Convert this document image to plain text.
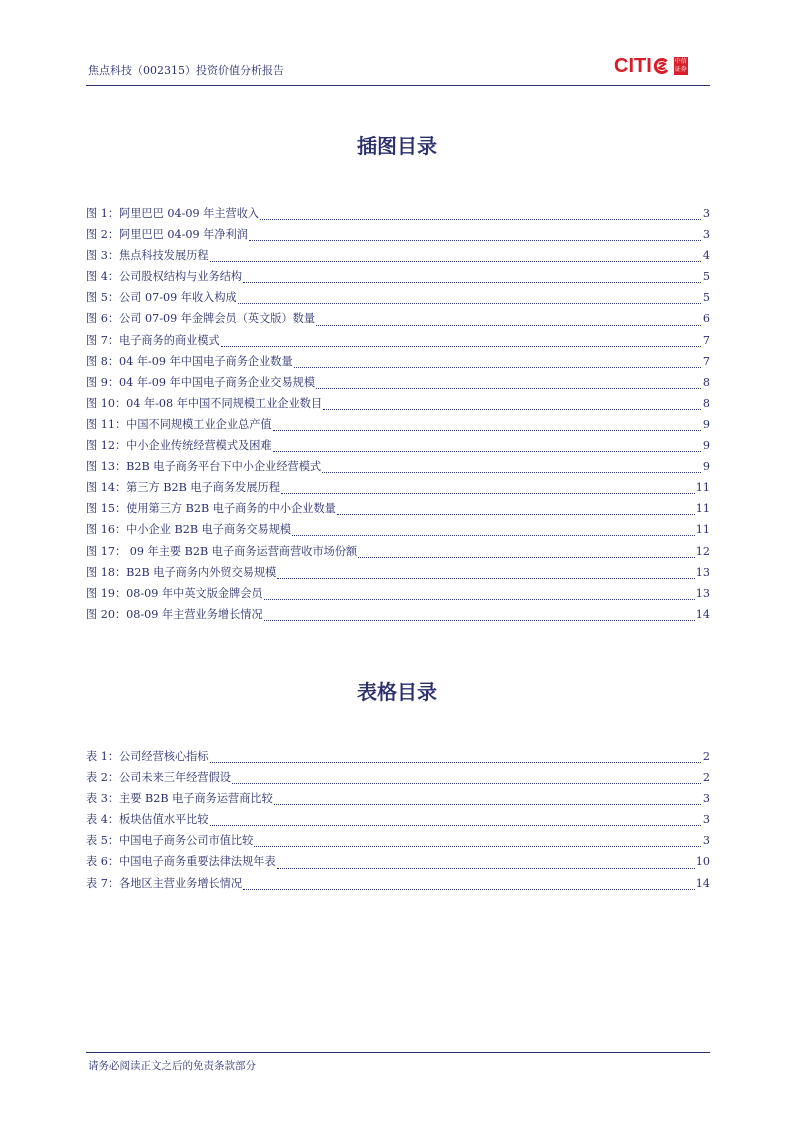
焦点科技（002315）投资价值分析报告	CITI	中信
证券
插图目录
图 1：阿里巴巴 04-09 年主营收入	3
图 2：阿里巴巴 04-09 年净利润	3
图 3：焦点科技发展历程	4
图 4：公司股权结构与业务结构	5
图 5：公司 07-09 年收入构成	5
图 6：公司 07-09 年金牌会员（英文版）数量	6
图 7：电子商务的商业模式	7
图 8：04 年-09 年中国电子商务企业数量	7
图 9：04 年-09 年中国电子商务企业交易规模	8
图 10：04 年-08 年中国不同规模工业企业数目	8
图 11：中国不同规模工业企业总产值	9
图 12：中小企业传统经营模式及困难	9
图 13：B2B 电子商务平台下中小企业经营模式	9
图 14：第三方 B2B 电子商务发展历程	11
图 15：使用第三方 B2B 电子商务的中小企业数量	11
图 16：中小企业 B2B 电子商务交易规模	11
图 17： 09 年主要 B2B 电子商务运营商营收市场份额	12
图 18：B2B 电子商务内外贸交易规模	13
图 19：08-09 年中英文版金牌会员	13
图 20：08-09 年主营业务增长情况	14
表格目录
表 1：公司经营核心指标	2
表 2：公司未来三年经营假设	2
表 3：主要 B2B 电子商务运营商比较	3
表 4：板块估值水平比较	3
表 5：中国电子商务公司市值比较	3
表 6：中国电子商务重要法律法规年表	10
表 7：各地区主营业务增长情况	14
请务必阅读正文之后的免责条款部分
